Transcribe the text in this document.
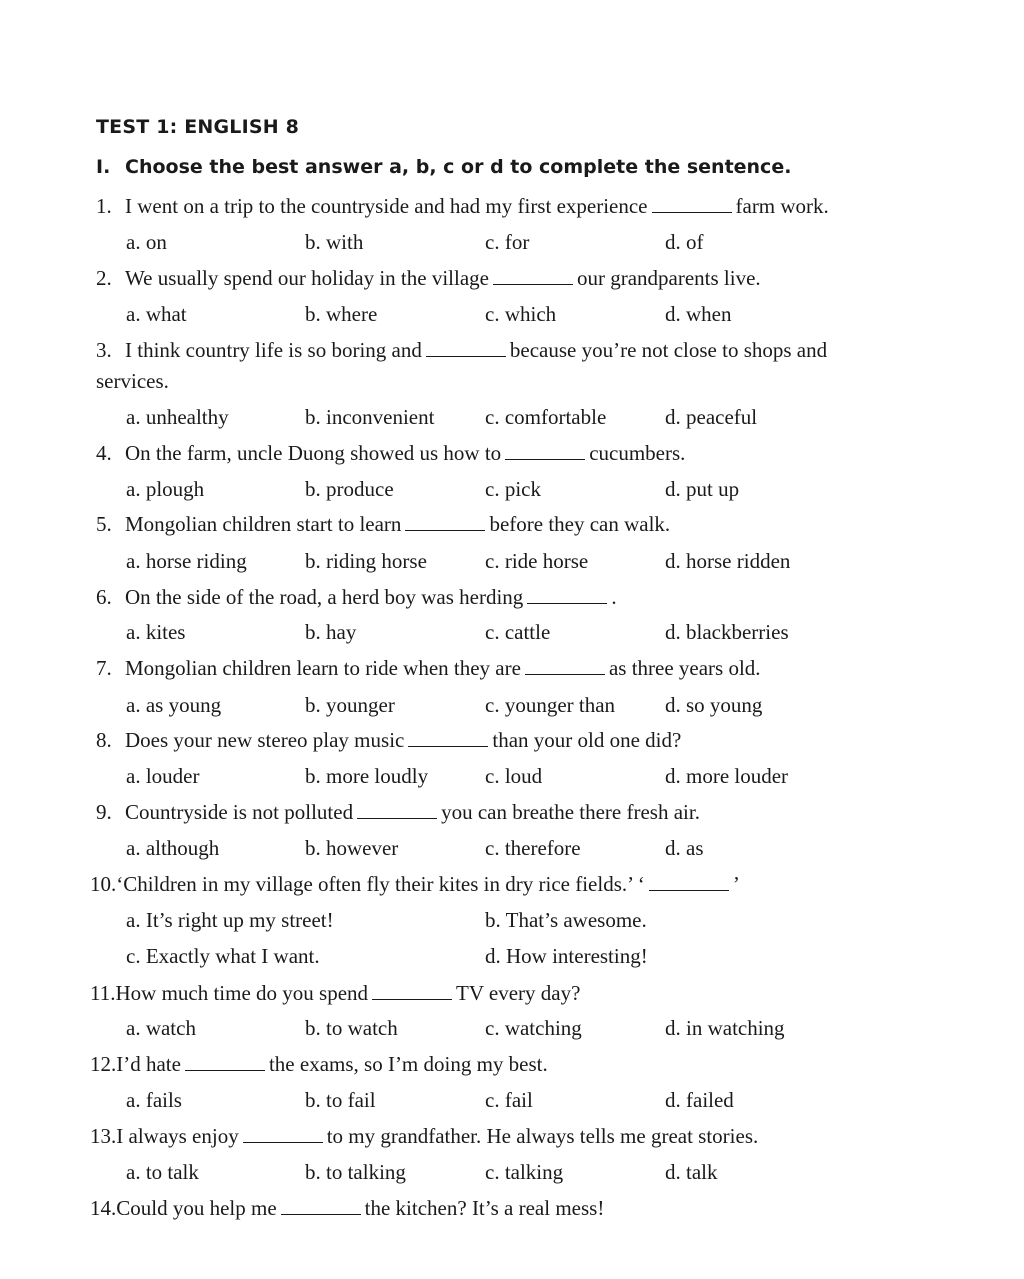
TEST 1: ENGLISH 8
I. Choose the best answer a, b, c or d to complete the sentence.
1. I went on a trip to the countryside and had my first experience	farm work.
a. on	b. with	c. for	d. of
2. We usually spend our holiday in the village	our grandparents live.
a. what	b. where	c. which	d. when
3. I think country life is so boring and	because you’re not close to shops and
services.
a. unhealthy	b. inconvenient c. comfortable	d. peaceful
4. On the farm, uncle Duong showed us how to	cucumbers.
a. plough	b. produce	c. pick	d. put up
5. Mongolian children start to learn	before they can walk.
a. horse riding	b. riding horse	c. ride horse	d. horse ridden
6. On the side of the road, a herd boy was herding	.
a. kites	b. hay	c. cattle	d. blackberries
7. Mongolian children learn to ride when they are	as three years old.
a. as young	b. younger	c. younger than d. so young
8. Does your new stereo play music	than your old one did?
a. louder	b. more loudly	c. loud	d. more louder
9. Countryside is not polluted	you can breathe there fresh air.
a. although	b. however	c. therefore	d. as
10.‘Children in my village often fly their kites in dry rice fields.’ ‘	’
a. It’s right up my street!	b. That’s awesome.
c. Exactly what I want.	d. How interesting!
11.How much time do you spend	TV every day?
a. watch	b. to watch	c. watching	d. in watching
12.I’d hate	the exams, so I’m doing my best.
a. fails	b. to fail	c. fail	d. failed
13.I always enjoy	to my grandfather. He always tells me great stories.
a. to talk	b. to talking	c. talking	d. talk
14.Could you help me	the kitchen? It’s a real mess!
